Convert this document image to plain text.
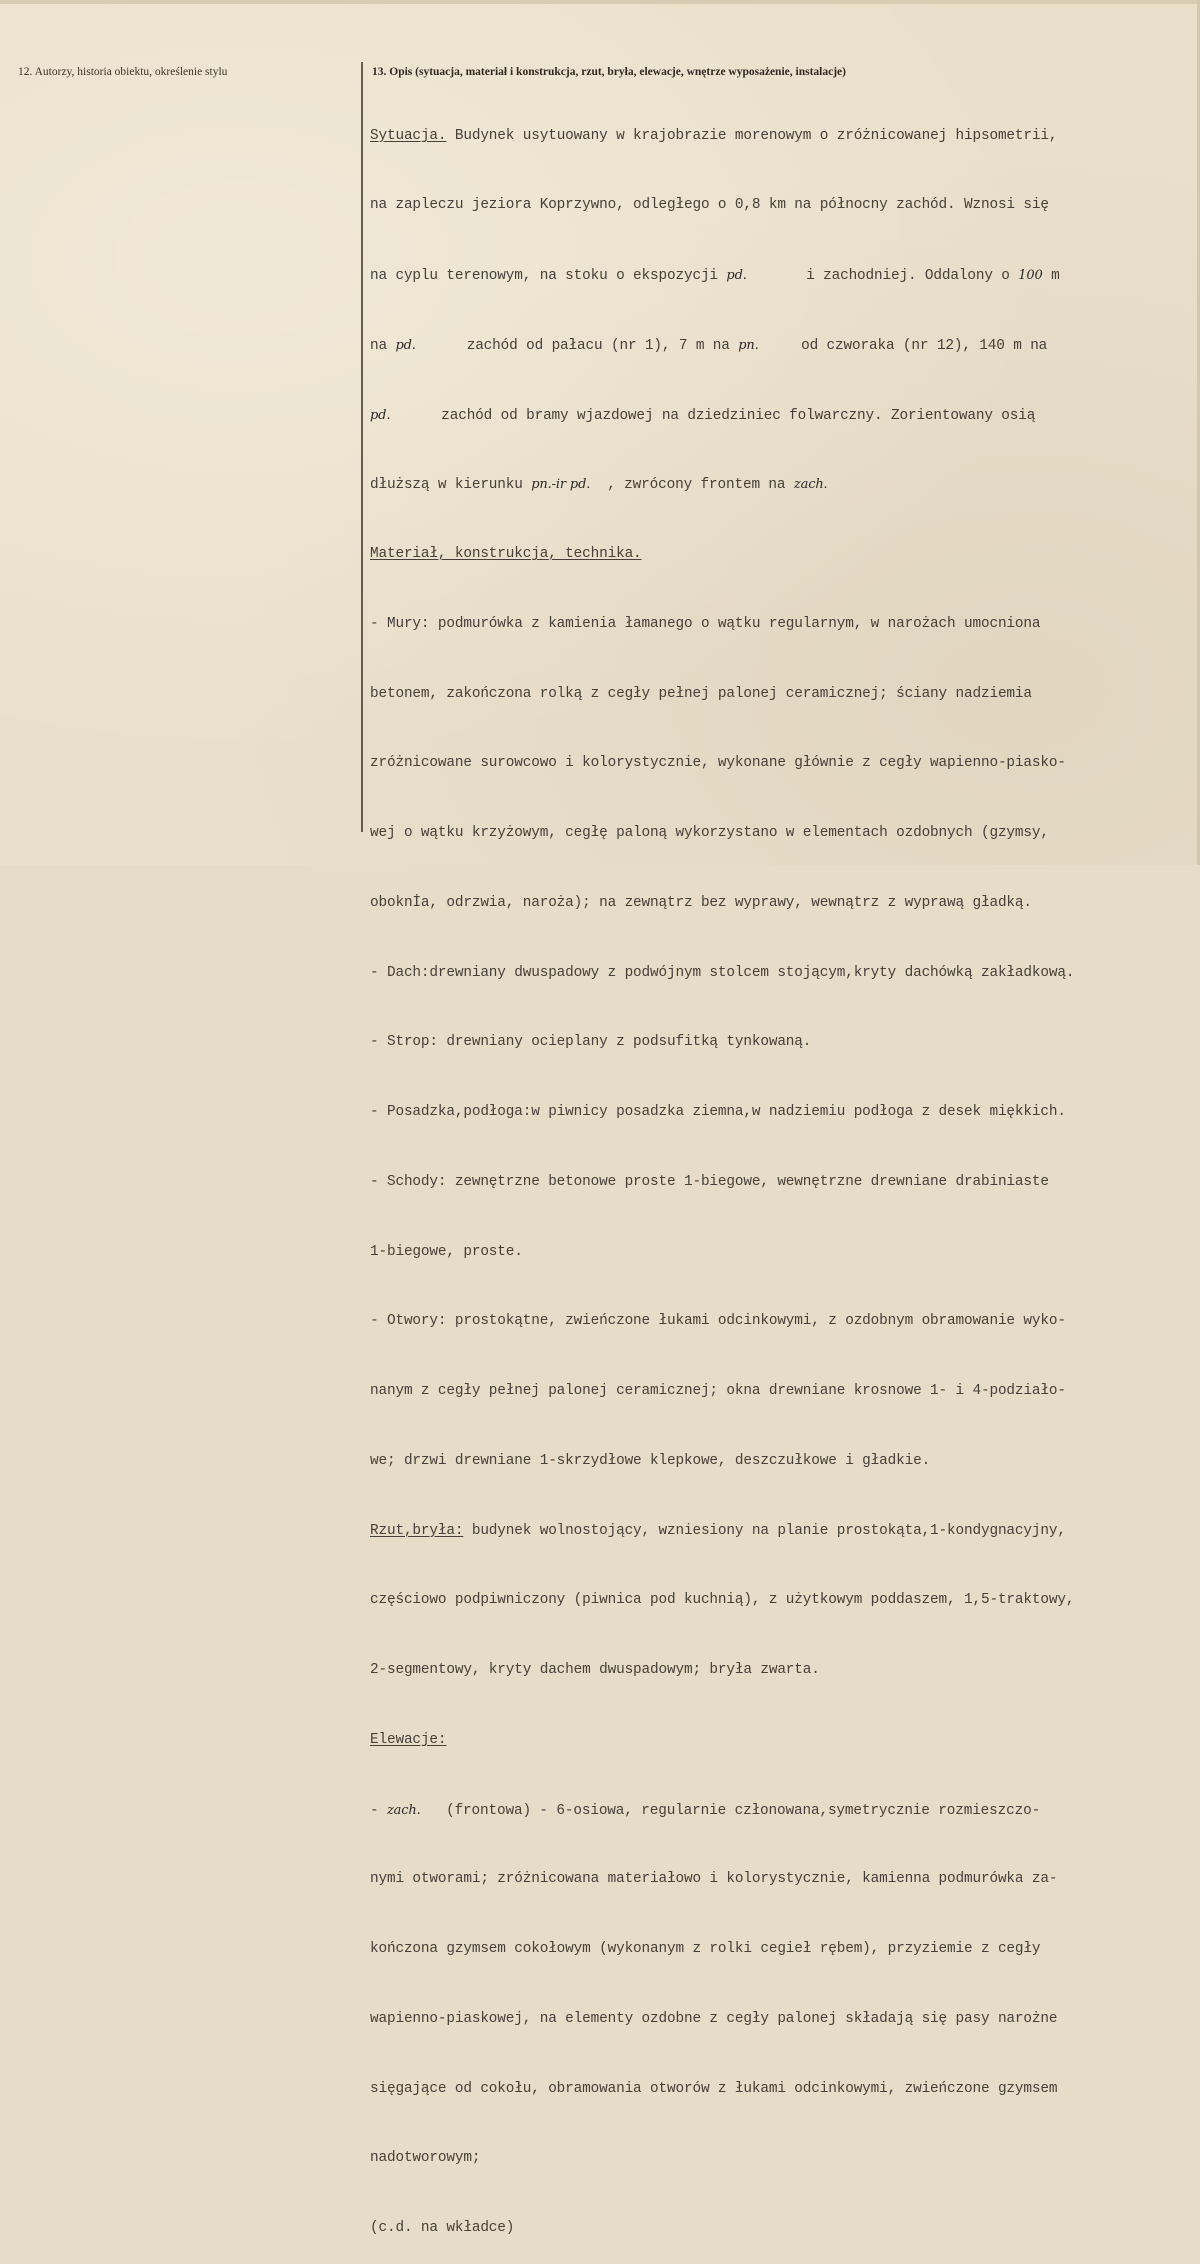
12. Autorzy, historia obiektu, określenie stylu	13. Opis (sytuacja, materiał i konstrukcja, rzut, bryła, elewacje, wnętrze wyposażenie, instalacje)

Sytuacja. Budynek usytuowany w krajobrazie morenowym o zróżnicowanej hipsometrii,

na zapleczu jeziora Koprzywno, odległego o 0,8 km na północny zachód. Wznosi się

na cyplu terenowym, na stoku o ekspozycji pd.       i zachodniej. Oddalony o 100 m

na pd.      zachód od pałacu (nr 1), 7 m na pn.     od czworaka (nr 12), 140 m na

pd.      zachód od bramy wjazdowej na dziedziniec folwarczny. Zorientowany osią

dłuższą w kierunku pn.-ir pd.  , zwrócony frontem na zach.

Materiał, konstrukcja, technika.

- Mury: podmurówka z kamienia łamanego o wątku regularnym, w narożach umocniona

betonem, zakończona rolką z cegły pełnej palonej ceramicznej; ściany nadziemia

zróżnicowane surowcowo i kolorystycznie, wykonane głównie z cegły wapienno-piasko-

wej o wątku krzyżowym, cegłę paloną wykorzystano w elementach ozdobnych (gzymsy,

oboknİa, odrzwia, naroża); na zewnątrz bez wyprawy, wewnątrz z wyprawą gładką.

- Dach:drewniany dwuspadowy z podwójnym stolcem stojącym,kryty dachówką zakładkową.

- Strop: drewniany ocieplany z podsufitką tynkowaną.

- Posadzka,podłoga:w piwnicy posadzka ziemna,w nadziemiu podłoga z desek miękkich.

- Schody: zewnętrzne betonowe proste 1-biegowe, wewnętrzne drewniane drabiniaste

1-biegowe, proste.

- Otwory: prostokątne, zwieńczone łukami odcinkowymi, z ozdobnym obramowanie wyko-

nanym z cegły pełnej palonej ceramicznej; okna drewniane krosnowe 1- i 4-podziało-

we; drzwi drewniane 1-skrzydłowe klepkowe, deszczułkowe i gładkie.

Rzut,bryła: budynek wolnostojący, wzniesiony na planie prostokąta,1-kondygnacyjny,

częściowo podpiwniczony (piwnica pod kuchnią), z użytkowym poddaszem, 1,5-traktowy,

2-segmentowy, kryty dachem dwuspadowym; bryła zwarta.

Elewacje:

- zach.   (frontowa) - 6-osiowa, regularnie członowana,symetrycznie rozmieszczo-

nymi otworami; zróżnicowana materiałowo i kolorystycznie, kamienna podmurówka za-

kończona gzymsem cokołowym (wykonanym z rolki cegieł rębem), przyziemie z cegły

wapienno-piaskowej, na elementy ozdobne z cegły palonej składają się pasy narożne

sięgające od cokołu, obramowania otworów z łukami odcinkowymi, zwieńczone gzymsem

nadotworowym;

(c.d. na wkładce)
